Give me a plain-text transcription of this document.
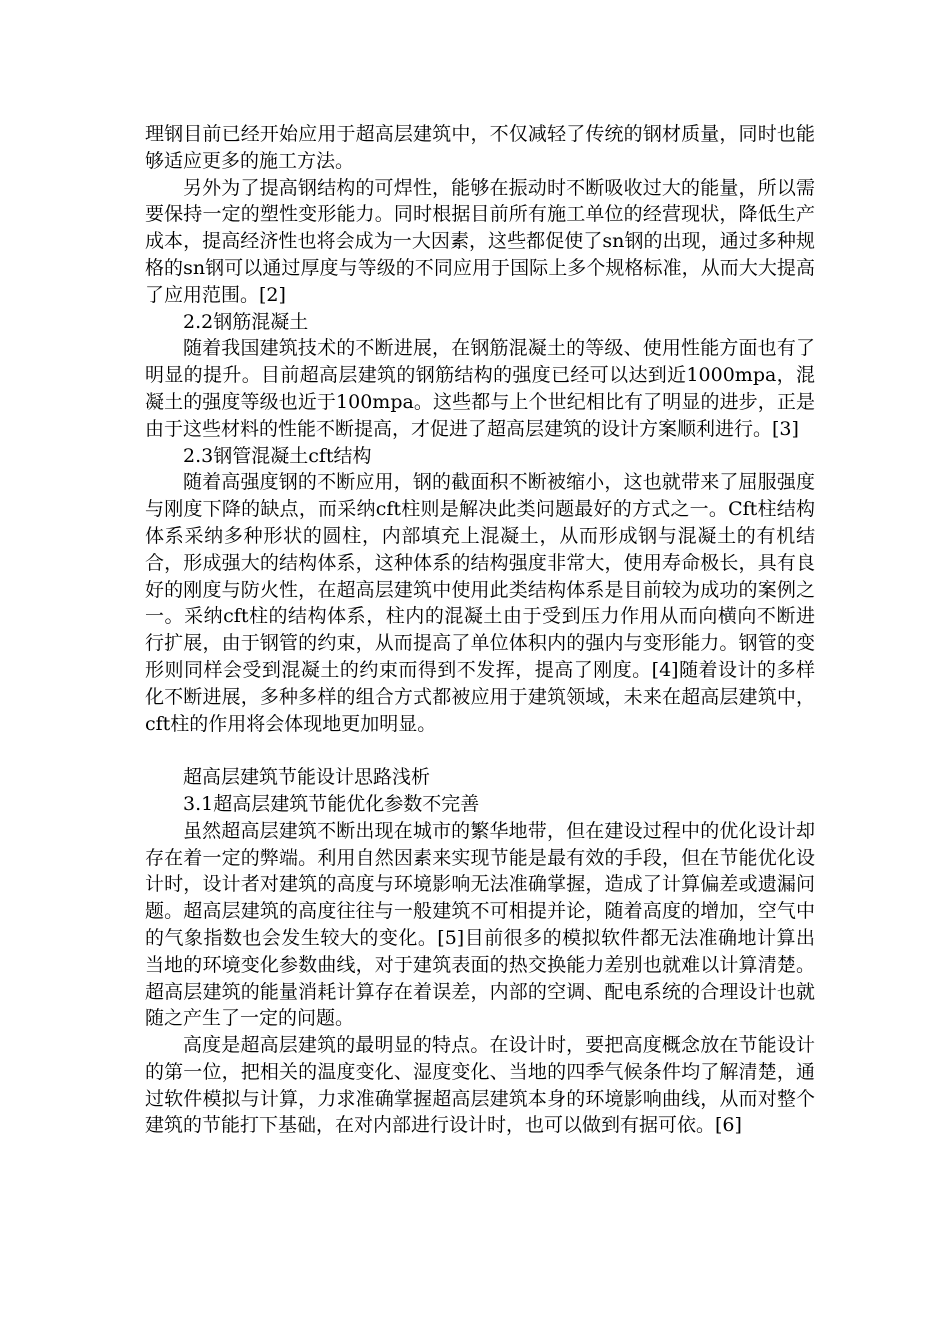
理钢目前已经开始应用于超高层建筑中，不仅减轻了传统的钢材质量，同时也能够适应更多的施工方法。

另外为了提高钢结构的可焊性，能够在振动时不断吸收过大的能量，所以需要保持一定的塑性变形能力。同时根据目前所有施工单位的经营现状，降低生产成本，提高经济性也将会成为一大因素，这些都促使了sn钢的出现，通过多种规格的sn钢可以通过厚度与等级的不同应用于国际上多个规格标准，从而大大提高了应用范围。[2]

2.2钢筋混凝土

随着我国建筑技术的不断进展，在钢筋混凝土的等级、使用性能方面也有了明显的提升。目前超高层建筑的钢筋结构的强度已经可以达到近1000mpa，混凝土的强度等级也近于100mpa。这些都与上个世纪相比有了明显的进步，正是由于这些材料的性能不断提高，才促进了超高层建筑的设计方案顺利进行。[3]

2.3钢管混凝土cft结构

随着高强度钢的不断应用，钢的截面积不断被缩小，这也就带来了屈服强度与刚度下降的缺点，而采纳cft柱则是解决此类问题最好的方式之一。Cft柱结构体系采纳多种形状的圆柱，内部填充上混凝土，从而形成钢与混凝土的有机结合，形成强大的结构体系，这种体系的结构强度非常大，使用寿命极长，具有良好的刚度与防火性，在超高层建筑中使用此类结构体系是目前较为成功的案例之一。采纳cft柱的结构体系，柱内的混凝土由于受到压力作用从而向横向不断进行扩展，由于钢管的约束，从而提高了单位体积内的强内与变形能力。钢管的变形则同样会受到混凝土的约束而得到不发挥，提高了刚度。[4]随着设计的多样化不断进展，多种多样的组合方式都被应用于建筑领域，未来在超高层建筑中，cft柱的作用将会体现地更加明显。

超高层建筑节能设计思路浅析

3.1超高层建筑节能优化参数不完善

虽然超高层建筑不断出现在城市的繁华地带，但在建设过程中的优化设计却存在着一定的弊端。利用自然因素来实现节能是最有效的手段，但在节能优化设计时，设计者对建筑的高度与环境影响无法准确掌握，造成了计算偏差或遗漏问题。超高层建筑的高度往往与一般建筑不可相提并论，随着高度的增加，空气中的气象指数也会发生较大的变化。[5]目前很多的模拟软件都无法准确地计算出当地的环境变化参数曲线，对于建筑表面的热交换能力差别也就难以计算清楚。超高层建筑的能量消耗计算存在着误差，内部的空调、配电系统的合理设计也就随之产生了一定的问题。

高度是超高层建筑的最明显的特点。在设计时，要把高度概念放在节能设计的第一位，把相关的温度变化、湿度变化、当地的四季气候条件均了解清楚，通过软件模拟与计算，力求准确掌握超高层建筑本身的环境影响曲线，从而对整个建筑的节能打下基础，在对内部进行设计时，也可以做到有据可依。[6]
